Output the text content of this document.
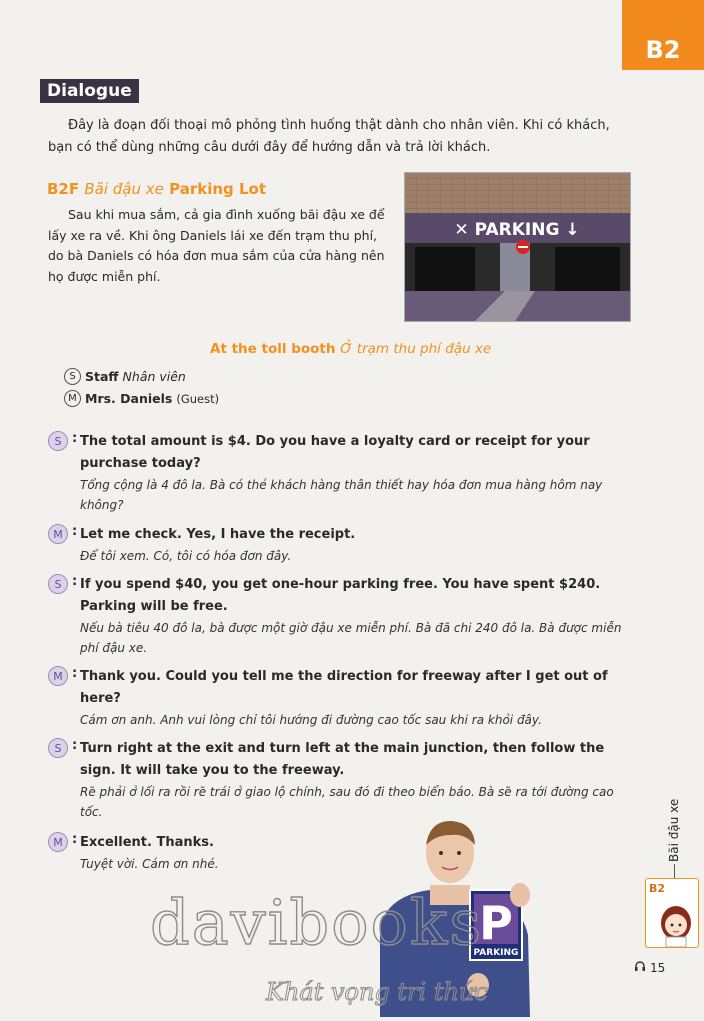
B2
Dialogue
Đây là đoạn đối thoại mô phỏng tình huống thật dành cho nhân viên. Khi có khách, bạn có thể dùng những câu dưới đây để hướng dẫn và trả lời khách.
B2F Bãi đậu xe Parking Lot
Sau khi mua sắm, cả gia đình xuống bãi đậu xe để lấy xe ra về. Khi ông Daniels lái xe đến trạm thu phí, do bà Daniels có hóa đơn mua sắm của cửa hàng nên họ được miễn phí.
✕ PARKING ↓
At the toll booth Ở trạm thu phí đậu xe
S Staff Nhân viên
M Mrs. Daniels (Guest)
S : The total amount is $4. Do you have a loyalty card or receipt for your purchase today?
Tổng cộng là 4 đô la. Bà có thẻ khách hàng thân thiết hay hóa đơn mua hàng hôm nay không?
M : Let me check. Yes, I have the receipt.
Để tôi xem. Có, tôi có hóa đơn đây.
S : If you spend $40, you get one-hour parking free. You have spent $240. Parking will be free.
Nếu bà tiêu 40 đô la, bà được một giờ đậu xe miễn phí. Bà đã chi 240 đô la. Bà được miễn phí đậu xe.
M : Thank you. Could you tell me the direction for freeway after I get out of here?
Cám ơn anh. Anh vui lòng chỉ tôi hướng đi đường cao tốc sau khi ra khỏi đây.
S : Turn right at the exit and turn left at the main junction, then follow the sign. It will take you to the freeway.
Rẽ phải ở lối ra rồi rẽ trái ở giao lộ chính, sau đó đi theo biển báo. Bà sẽ ra tới đường cao tốc.
M : Excellent. Thanks.
Tuyệt vời. Cám ơn nhé.
Bãi đậu xe
B2
15
P
PARKING
davibooks
Khát vọng tri thức
